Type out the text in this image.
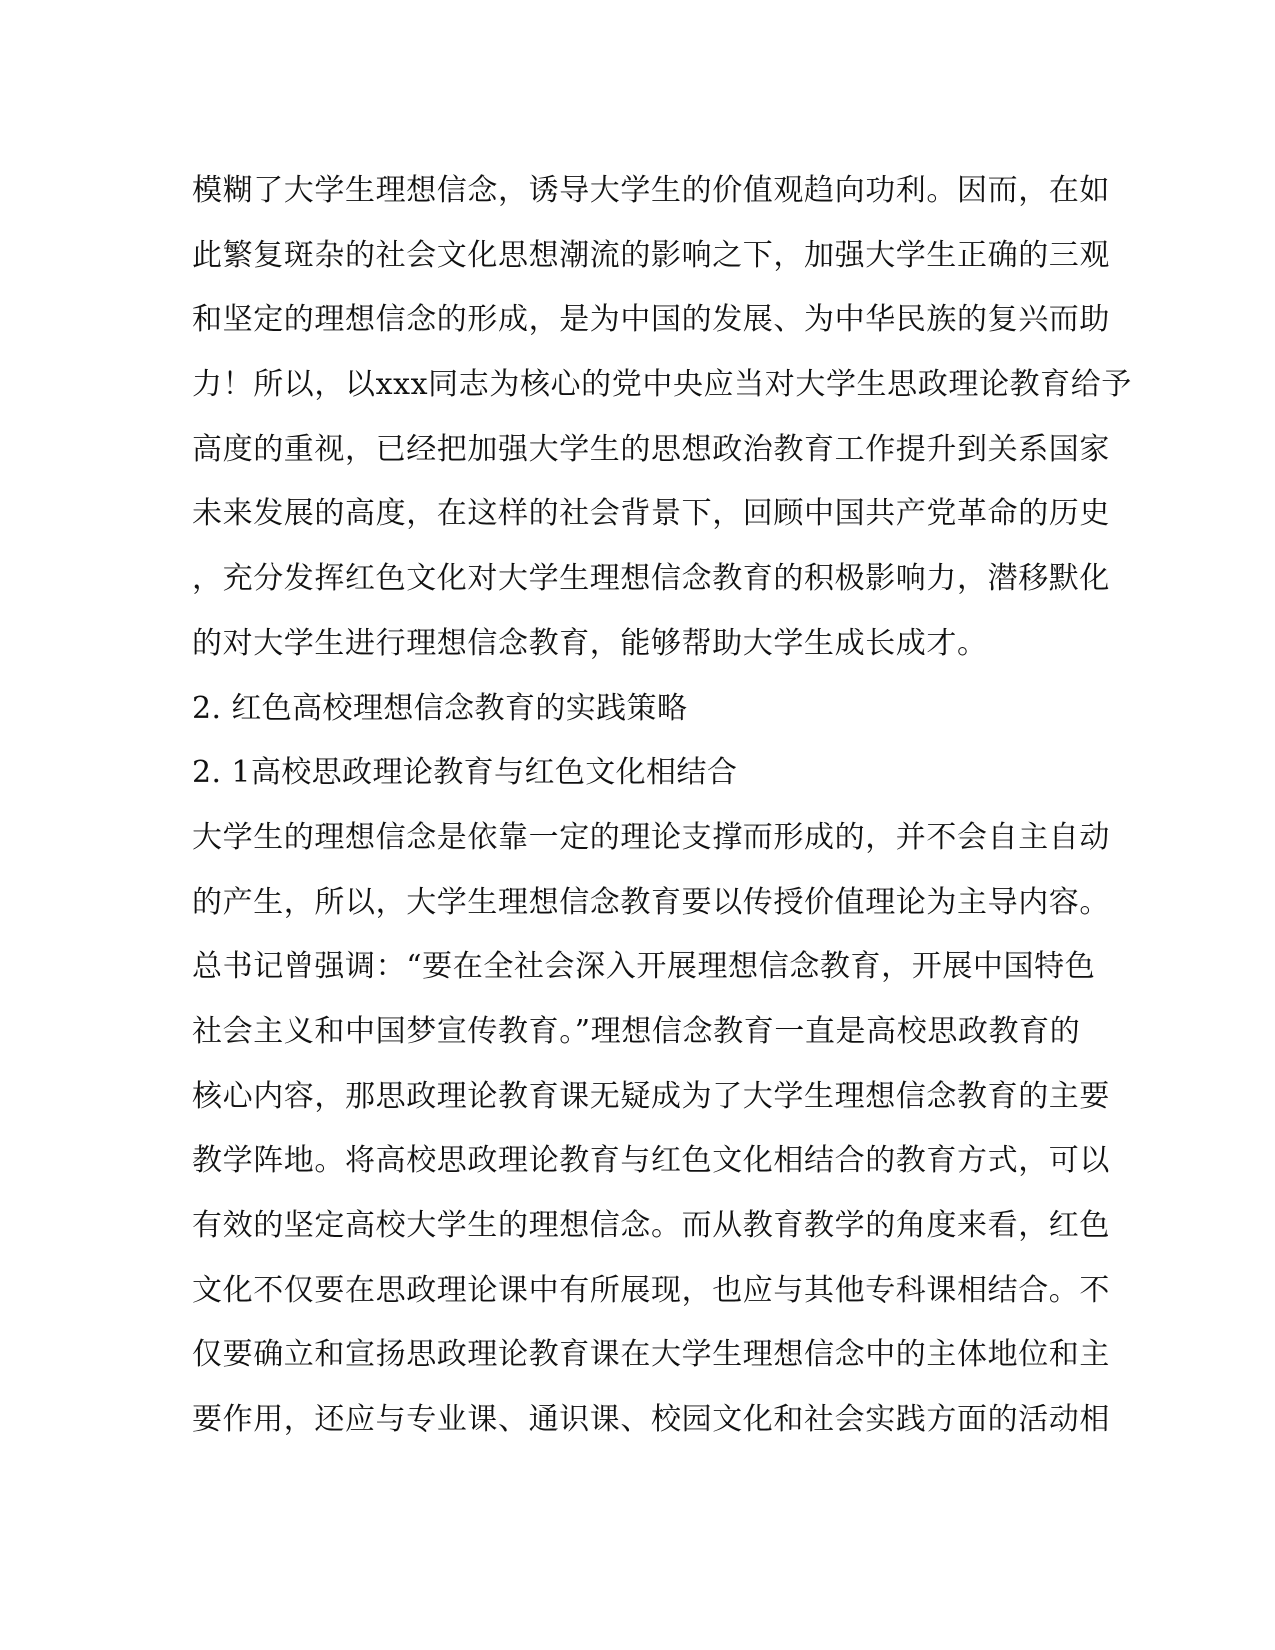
模糊了大学生理想信念，诱导大学生的价值观趋向功利。因而，在如
此繁复斑杂的社会文化思想潮流的影响之下，加强大学生正确的三观
和坚定的理想信念的形成，是为中国的发展、为中华民族的复兴而助
力！所以，以xxx同志为核心的党中央应当对大学生思政理论教育给予
高度的重视，已经把加强大学生的思想政治教育工作提升到关系国家
未来发展的高度，在这样的社会背景下，回顾中国共产党革命的历史
，充分发挥红色文化对大学生理想信念教育的积极影响力，潜移默化
的对大学生进行理想信念教育，能够帮助大学生成长成才。
2. 红色高校理想信念教育的实践策略
2. 1高校思政理论教育与红色文化相结合
大学生的理想信念是依靠一定的理论支撑而形成的，并不会自主自动
的产生，所以，大学生理想信念教育要以传授价值理论为主导内容。
总书记曾强调：“要在全社会深入开展理想信念教育，开展中国特色
社会主义和中国梦宣传教育。”理想信念教育一直是高校思政教育的
核心内容，那思政理论教育课无疑成为了大学生理想信念教育的主要
教学阵地。将高校思政理论教育与红色文化相结合的教育方式，可以
有效的坚定高校大学生的理想信念。而从教育教学的角度来看，红色
文化不仅要在思政理论课中有所展现，也应与其他专科课相结合。不
仅要确立和宣扬思政理论教育课在大学生理想信念中的主体地位和主
要作用，还应与专业课、通识课、校园文化和社会实践方面的活动相
